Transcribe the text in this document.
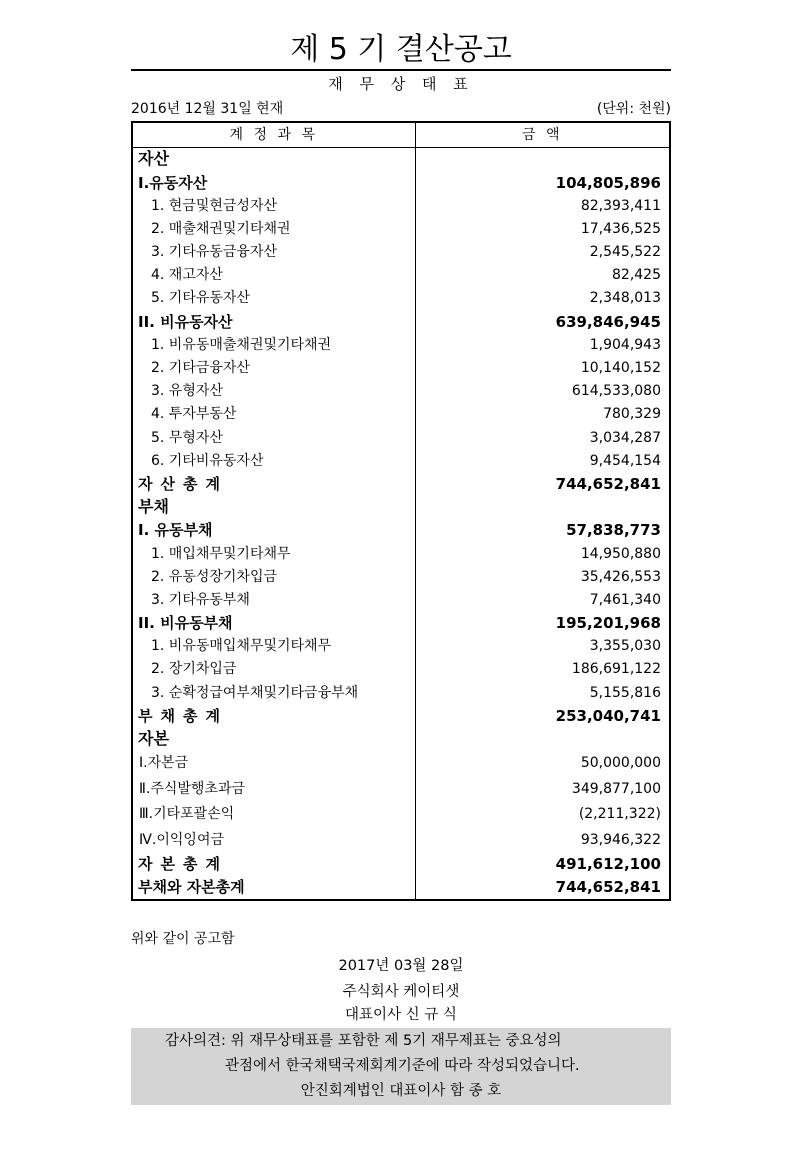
제 5 기 결산공고
재 무 상 태 표
2016년 12월 31일 현재	(단위: 천원)
계 정 과 목	금 액
자산	
Ⅰ.유동자산	104,805,896
1. 현금및현금성자산	82,393,411
2. 매출채권및기타채권	17,436,525
3. 기타유동금융자산	2,545,522
4. 재고자산	82,425
5. 기타유동자산	2,348,013
II. 비유동자산	639,846,945
1. 비유동매출채권및기타채권	1,904,943
2. 기타금융자산	10,140,152
3. 유형자산	614,533,080
4. 투자부동산	780,329
5. 무형자산	3,034,287
6. 기타비유동자산	9,454,154
자산총계	744,652,841
부채	
I. 유동부채	57,838,773
1. 매입채무및기타채무	14,950,880
2. 유동성장기차입금	35,426,553
3. 기타유동부채	7,461,340
II. 비유동부채	195,201,968
1. 비유동매입채무및기타채무	3,355,030
2. 장기차입금	186,691,122
3. 순확정급여부채및기타금융부채	5,155,816
부채총계	253,040,741
자본	
Ⅰ.자본금	50,000,000
Ⅱ.주식발행초과금	349,877,100
Ⅲ.기타포괄손익	(2,211,322)
Ⅳ.이익잉여금	93,946,322
자본총계	491,612,100
부채와 자본총계	744,652,841
위와 같이 공고함
2017년 03월 28일
주식회사 케이티샛
대표이사 신 규 식
감사의견: 위 재무상태표를 포함한 제 5기 재무제표는 중요성의
관점에서 한국채택국제회계기준에 따라 작성되었습니다.
안진회계법인 대표이사 함 종 호
